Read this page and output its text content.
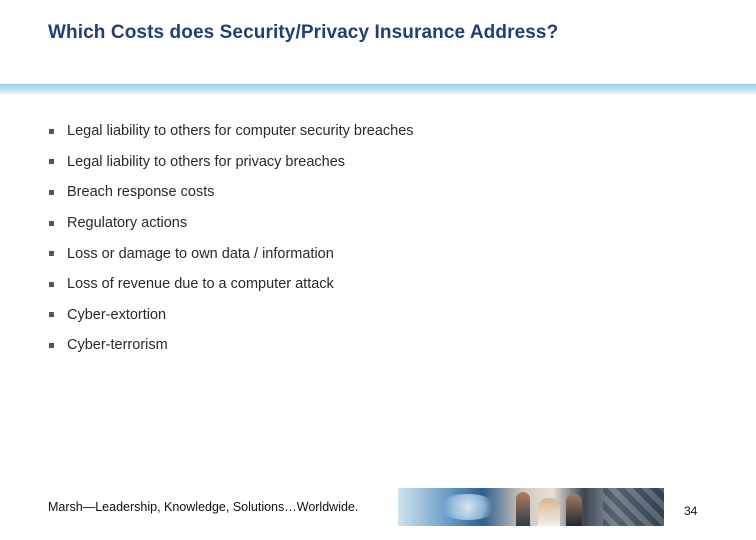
Which Costs does Security/Privacy Insurance Address?
Legal liability to others for computer security breaches
Legal liability to others for privacy breaches
Breach response costs
Regulatory actions
Loss or damage to own data / information
Loss of revenue due to a computer attack
Cyber-extortion
Cyber-terrorism
Marsh—Leadership, Knowledge, Solutions…Worldwide.	34
